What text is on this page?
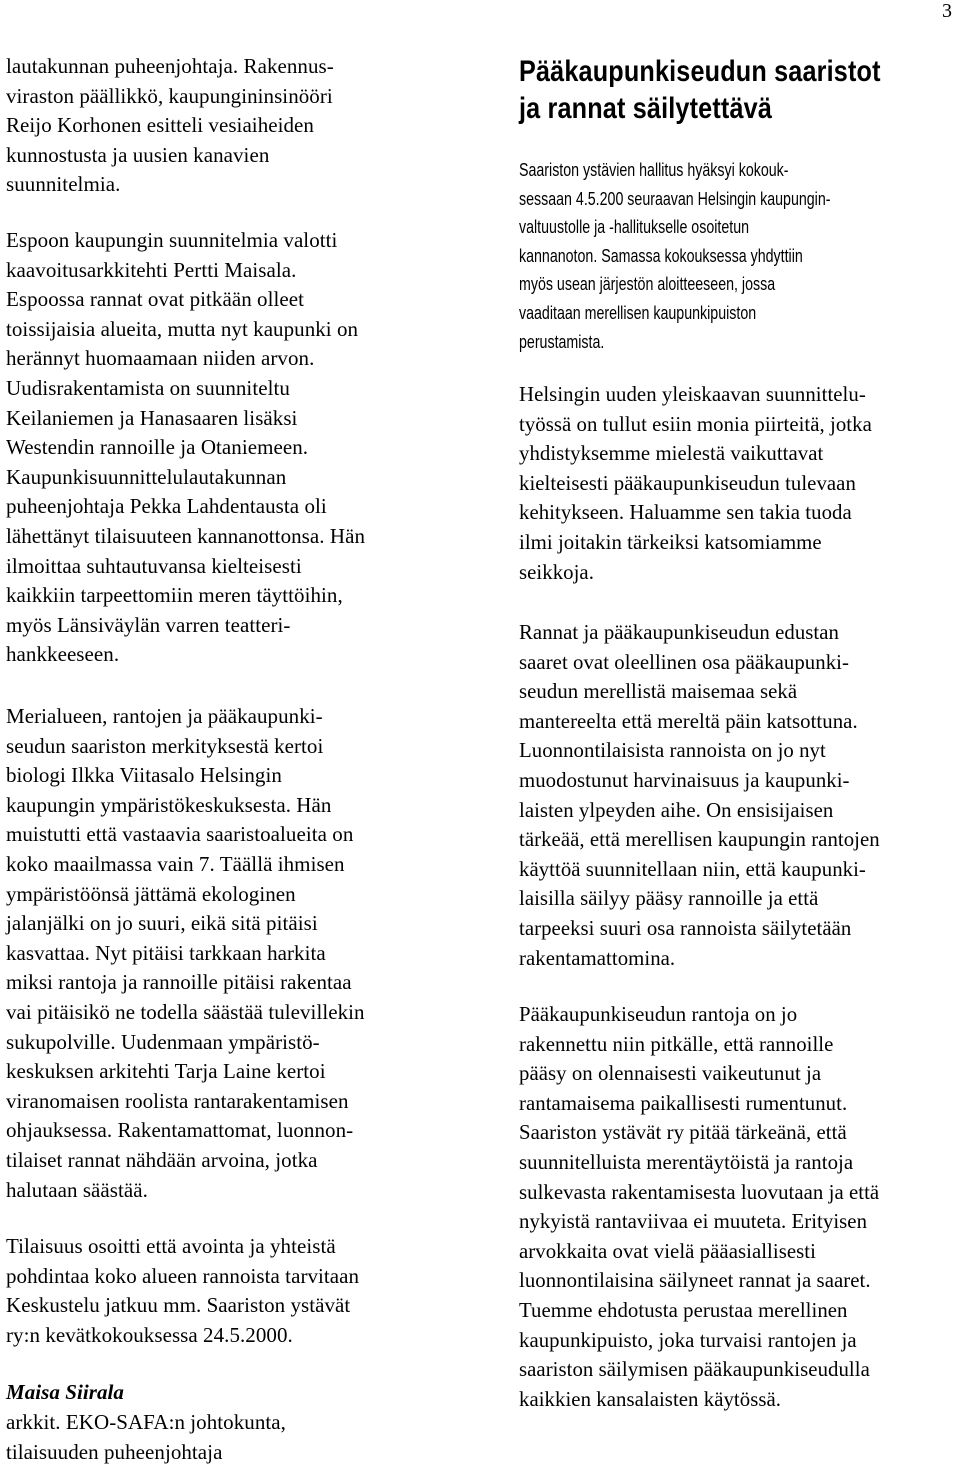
3
lautakunnan puheenjohtaja. Rakennus-
viraston päällikkö, kaupungininsinööri
Reijo Korhonen esitteli vesiaiheiden
kunnostusta ja uusien kanavien
suunnitelmia.
Espoon kaupungin suunnitelmia valotti
kaavoitusarkkitehti Pertti Maisala.
Espoossa rannat ovat pitkään olleet
toissijaisia alueita, mutta nyt kaupunki on
herännyt huomaamaan niiden arvon.
Uudisrakentamista on suunniteltu
Keilaniemen ja Hanasaaren lisäksi
Westendin rannoille ja Otaniemeen.
Kaupunkisuunnittelulautakunnan
puheenjohtaja Pekka Lahdentausta oli
lähettänyt tilaisuuteen kannanottonsa. Hän
ilmoittaa suhtautuvansa kielteisesti
kaikkiin tarpeettomiin meren täyttöihin,
myös Länsiväylän varren teatteri-
hankkeeseen.
Merialueen, rantojen ja pääkaupunki-
seudun saariston merkityksestä kertoi
biologi Ilkka Viitasalo Helsingin
kaupungin ympäristökeskuksesta. Hän
muistutti että vastaavia saaristoalueita on
koko maailmassa vain 7. Täällä ihmisen
ympäristöönsä jättämä ekologinen
jalanjälki on jo suuri, eikä sitä pitäisi
kasvattaa. Nyt pitäisi tarkkaan harkita
miksi rantoja ja rannoille pitäisi rakentaa
vai pitäisikö ne todella säästää tulevillekin
sukupolville. Uudenmaan ympäristö-
keskuksen arkitehti Tarja Laine kertoi
viranomaisen roolista rantarakentamisen
ohjauksessa. Rakentamattomat, luonnon-
tilaiset rannat nähdään arvoina, jotka
halutaan säästää.
Tilaisuus osoitti että avointa ja yhteistä
pohdintaa koko alueen rannoista tarvitaan
Keskustelu jatkuu mm. Saariston ystävät
ry:n kevätkokouksessa 24.5.2000.
Maisa Siirala
arkkit. EKO-SAFA:n johtokunta,
tilaisuuden puheenjohtaja
Pääkaupunkiseudun saaristot
ja rannat säilytettävä
Saariston ystävien hallitus hyäksyi kokouk-
sessaan 4.5.200 seuraavan Helsingin kaupungin-
valtuustolle ja -hallitukselle osoitetun
kannanoton. Samassa kokouksessa yhdyttiin
myös usean järjestön aloitteeseen, jossa
vaaditaan merellisen kaupunkipuiston
perustamista.
Helsingin uuden yleiskaavan suunnittelu-
työssä on tullut esiin monia piirteitä, jotka
yhdistyksemme mielestä vaikuttavat
kielteisesti pääkaupunkiseudun tulevaan
kehitykseen. Haluamme sen takia tuoda
ilmi joitakin tärkeiksi katsomiamme
seikkoja.
Rannat ja pääkaupunkiseudun edustan
saaret ovat oleellinen osa pääkaupunki-
seudun merellistä maisemaa sekä
mantereelta että mereltä päin katsottuna.
Luonnontilaisista rannoista on jo nyt
muodostunut harvinaisuus ja kaupunki-
laisten ylpeyden aihe. On ensisijaisen
tärkeää, että merellisen kaupungin rantojen
käyttöä suunnitellaan niin, että kaupunki-
laisilla säilyy pääsy rannoille ja että
tarpeeksi suuri osa rannoista säilytetään
rakentamattomina.
Pääkaupunkiseudun rantoja on jo
rakennettu niin pitkälle, että rannoille
pääsy on olennaisesti vaikeutunut ja
rantamaisema paikallisesti rumentunut.
Saariston ystävät ry pitää tärkeänä, että
suunnitelluista merentäytöistä ja rantoja
sulkevasta rakentamisesta luovutaan ja että
nykyistä rantaviivaa ei muuteta. Erityisen
arvokkaita ovat vielä pääasiallisesti
luonnontilaisina säilyneet rannat ja saaret.
Tuemme ehdotusta perustaa merellinen
kaupunkipuisto, joka turvaisi rantojen ja
saariston säilymisen pääkaupunkiseudulla
kaikkien kansalaisten käytössä.
